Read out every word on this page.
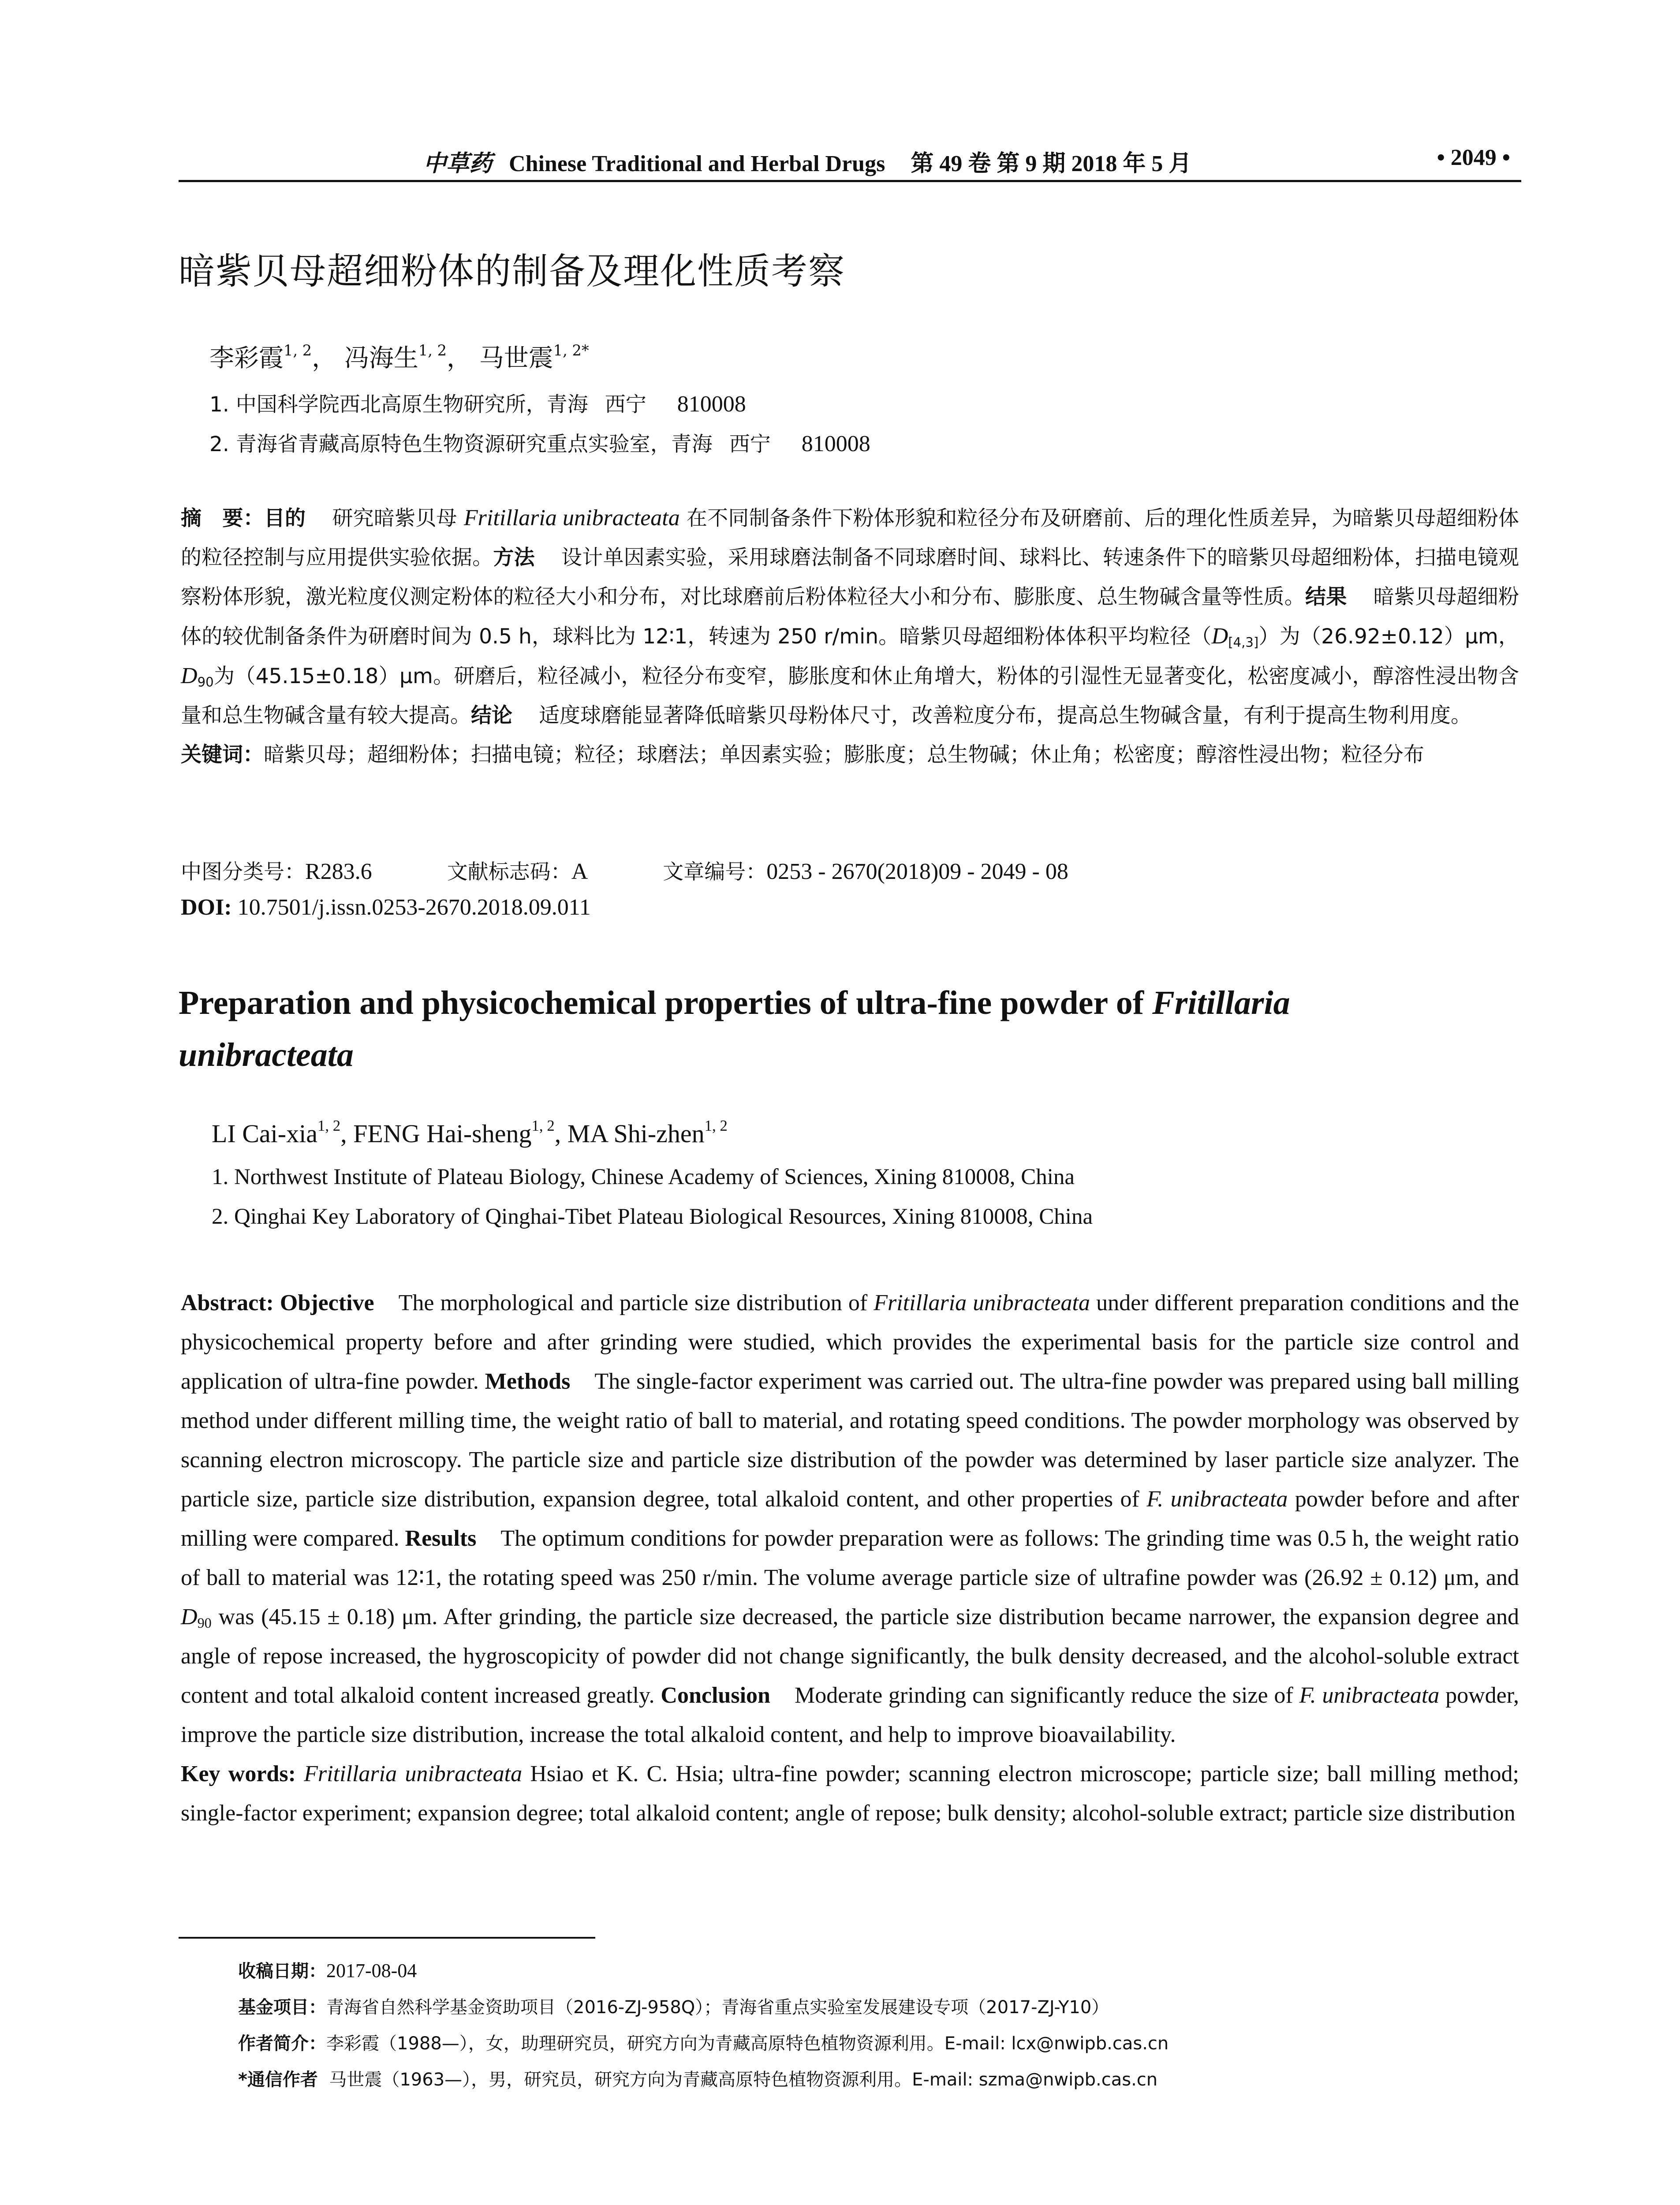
中草药 Chinese Traditional and Herbal Drugs 第 49 卷 第 9 期 2018 年 5 月	• 2049 •
暗紫贝母超细粉体的制备及理化性质考察
李彩霞$^{1, 2}$， 冯海生$^{1, 2}$， 马世震$^{1, 2*}$
1. 中国科学院西北高原生物研究所，青海 西宁 810008
2. 青海省青藏高原特色生物资源研究重点实验室，青海 西宁 810008

摘　要：目的 研究暗紫贝母 Fritillaria unibracteata 在不同制备条件下粉体形貌和粒径分布及研磨前、后的理化性质差异，为暗紫贝母超细粉体的粒径控制与应用提供实验依据。方法 设计单因素实验，采用球磨法制备不同球磨时间、球料比、转速条件下的暗紫贝母超细粉体，扫描电镜观察粉体形貌，激光粒度仪测定粉体的粒径大小和分布，对比球磨前后粉体粒径大小和分布、膨胀度、总生物碱含量等性质。结果 暗紫贝母超细粉体的较优制备条件为研磨时间为 0.5 h，球料比为 12∶1，转速为 250 r/min。暗紫贝母超细粉体体积平均粒径$(D_{[4,3]})$为（26.92±0.12）μm，$D_{90}$为（45.15±0.18）μm。研磨后，粒径减小，粒径分布变窄，膨胀度和休止角增大，粉体的引湿性无显著变化，松密度减小，醇溶性浸出物含量和总生物碱含量有较大提高。结论 适度球磨能显著降低暗紫贝母粉体尺寸，改善粒度分布，提高总生物碱含量，有利于提高生物利用度。

关键词：暗紫贝母；超细粉体；扫描电镜；粒径；球磨法；单因素实验；膨胀度；总生物碱；休止角；松密度；醇溶性浸出物；粒径分布

中图分类号：R283.6	文献标志码：A	文章编号：0253 - 2670(2018)09 - 2049 - 08
DOI: 10.7501/j.issn.0253-2670.2018.09.011
Preparation and physicochemical properties of ultra-fine powder of Fritillaria
unibracteata
LI Cai-xia$^{1, 2}$, FENG Hai-sheng$^{1, 2}$, MA Shi-zhen$^{1, 2}$
1. Northwest Institute of Plateau Biology, Chinese Academy of Sciences, Xining 810008, China
2. Qinghai Key Laboratory of Qinghai-Tibet Plateau Biological Resources, Xining 810008, China

Abstract: Objective The morphological and particle size distribution of Fritillaria unibracteata under different preparation conditions and the physicochemical property before and after grinding were studied, which provides the experimental basis for the particle size control and application of ultra-fine powder. Methods The single-factor experiment was carried out. The ultra-fine powder was prepared using ball milling method under different milling time, the weight ratio of ball to material, and rotating speed conditions. The powder morphology was observed by scanning electron microscopy. The particle size and particle size distribution of the powder was determined by laser particle size analyzer. The particle size, particle size distribution, expansion degree, total alkaloid content, and other properties of F. unibracteata powder before and after milling were compared. Results The optimum conditions for powder preparation were as follows: The grinding time was 0.5 h, the weight ratio of ball to material was 12∶1, the rotating speed was 250 r/min. The volume average particle size of ultrafine powder was (26.92 ± 0.12) μm, and $D_{90}$ was (45.15 ± 0.18) μm. After grinding, the particle size decreased, the particle size distribution became narrower, the expansion degree and angle of repose increased, the hygroscopicity of powder did not change significantly, the bulk density decreased, and the alcohol-soluble extract content and total alkaloid content increased greatly. Conclusion Moderate grinding can significantly reduce the size of F. unibracteata powder, improve the particle size distribution, increase the total alkaloid content, and help to improve bioavailability.

Key words: Fritillaria unibracteata Hsiao et K. C. Hsia; ultra-fine powder; scanning electron microscope; particle size; ball milling method; single-factor experiment; expansion degree; total alkaloid content; angle of repose; bulk density; alcohol-soluble extract; particle size distribution

收稿日期：2017-08-04

基金项目：青海省自然科学基金资助项目（2016-ZJ-958Q）；青海省重点实验室发展建设专项（2017-ZJ-Y10）

作者简介：李彩霞（1988—），女，助理研究员，研究方向为青藏高原特色植物资源利用。E-mail: lcx@nwipb.cas.cn

*通信作者 马世震（1963—），男，研究员，研究方向为青藏高原特色植物资源利用。E-mail: szma@nwipb.cas.cn
